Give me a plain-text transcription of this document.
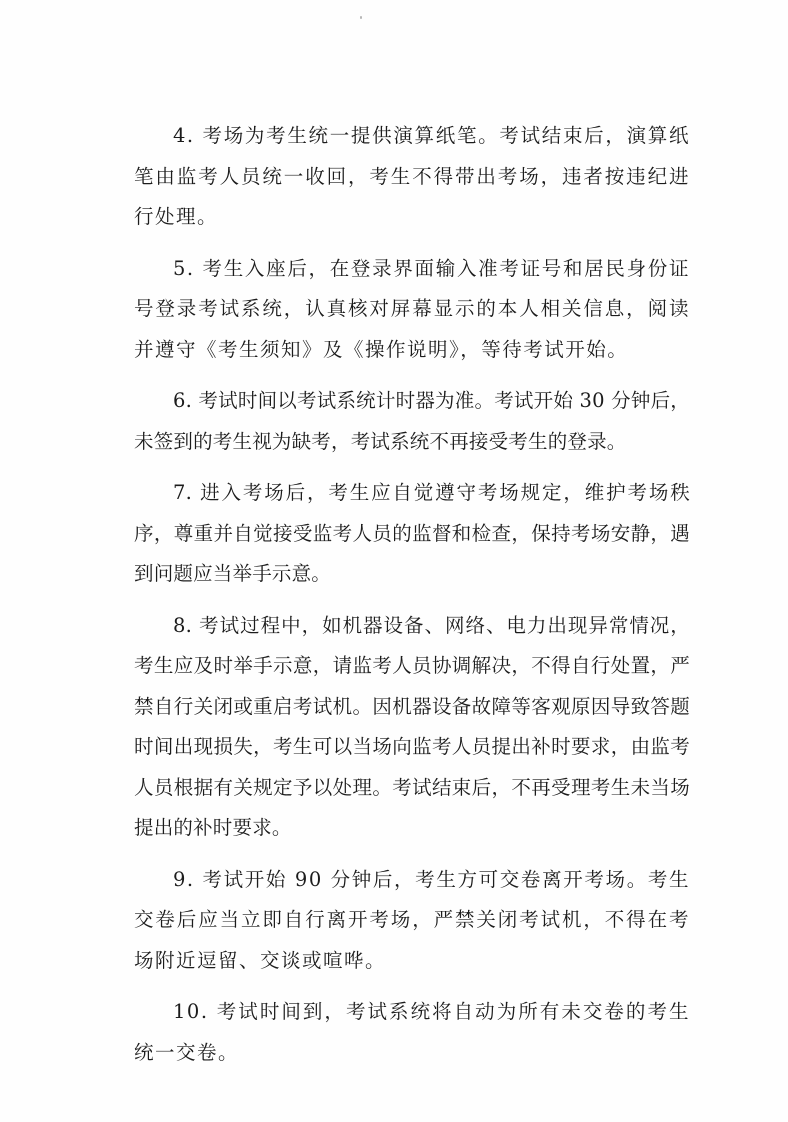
4. 考场为考生统一提供演算纸笔。考试结束后，演算纸笔由监考人员统一收回，考生不得带出考场，违者按违纪进行处理。

5. 考生入座后，在登录界面输入准考证号和居民身份证号登录考试系统，认真核对屏幕显示的本人相关信息，阅读并遵守《考生须知》及《操作说明》，等待考试开始。

6. 考试时间以考试系统计时器为准。考试开始 30 分钟后，未签到的考生视为缺考，考试系统不再接受考生的登录。

7. 进入考场后，考生应自觉遵守考场规定，维护考场秩序，尊重并自觉接受监考人员的监督和检查，保持考场安静，遇到问题应当举手示意。

8. 考试过程中，如机器设备、网络、电力出现异常情况，考生应及时举手示意，请监考人员协调解决，不得自行处置，严禁自行关闭或重启考试机。因机器设备故障等客观原因导致答题时间出现损失，考生可以当场向监考人员提出补时要求，由监考人员根据有关规定予以处理。考试结束后，不再受理考生未当场提出的补时要求。

9. 考试开始 90 分钟后，考生方可交卷离开考场。考生交卷后应当立即自行离开考场，严禁关闭考试机，不得在考场附近逗留、交谈或喧哗。

10. 考试时间到，考试系统将自动为所有未交卷的考生统一交卷。
